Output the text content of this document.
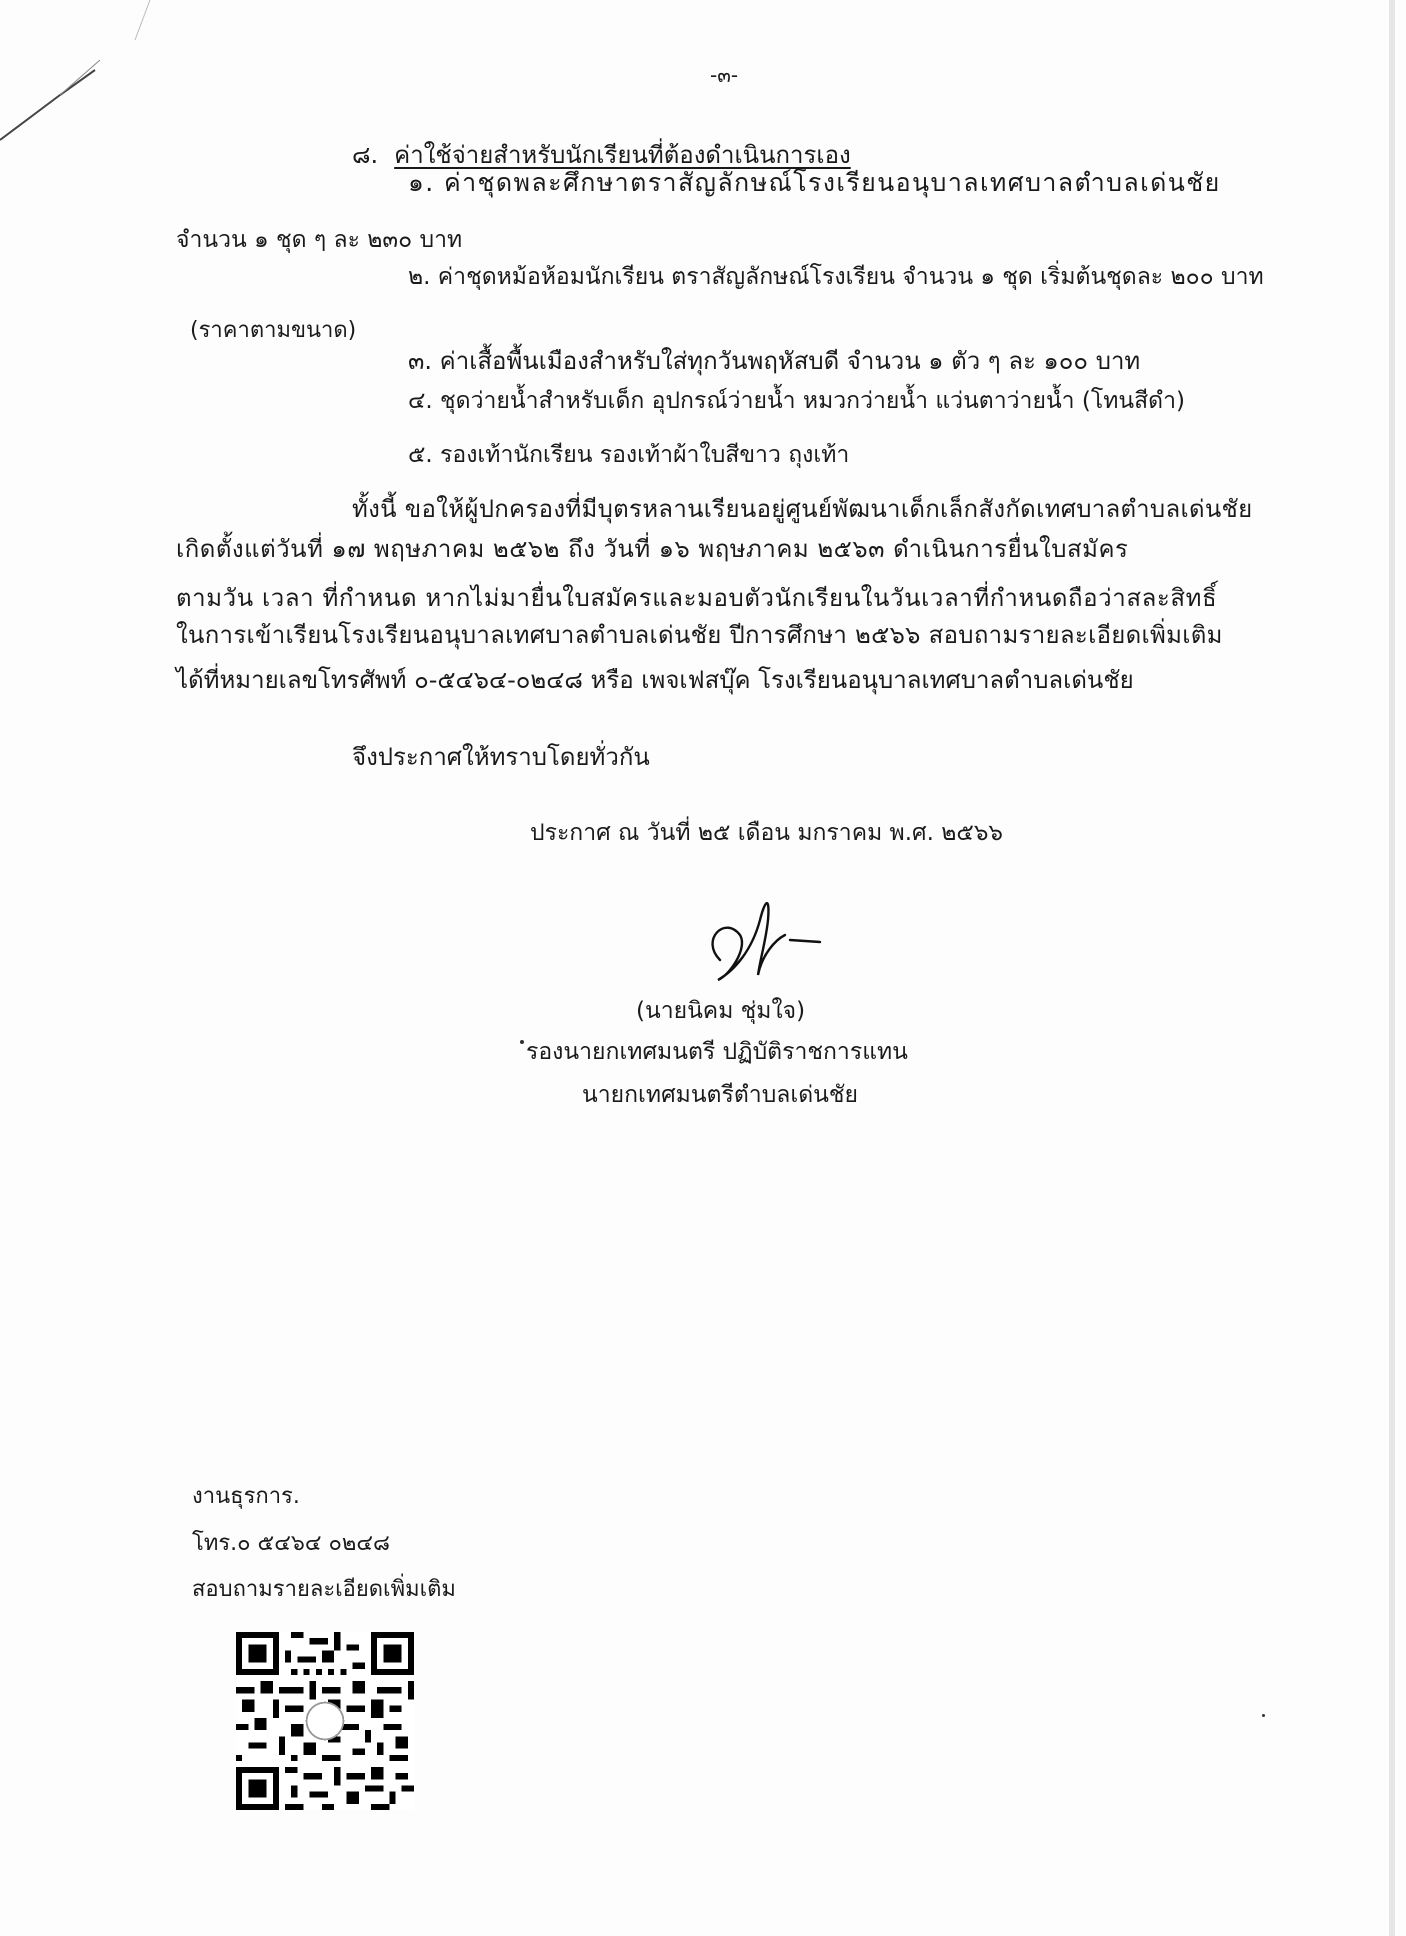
-๓-
๘. ค่าใช้จ่ายสำหรับนักเรียนที่ต้องดำเนินการเอง
๑. ค่าชุดพละศึกษาตราสัญลักษณ์โรงเรียนอนุบาลเทศบาลตำบลเด่นชัย
จำนวน ๑ ชุด ๆ ละ ๒๓๐ บาท
๒. ค่าชุดหม้อห้อมนักเรียน ตราสัญลักษณ์โรงเรียน จำนวน ๑ ชุด เริ่มต้นชุดละ ๒๐๐ บาท
(ราคาตามขนาด)
๓. ค่าเสื้อพื้นเมืองสำหรับใส่ทุกวันพฤหัสบดี จำนวน ๑ ตัว ๆ ละ ๑๐๐ บาท
๔. ชุดว่ายน้ำสำหรับเด็ก อุปกรณ์ว่ายน้ำ หมวกว่ายน้ำ แว่นตาว่ายน้ำ (โทนสีดำ)
๕. รองเท้านักเรียน รองเท้าผ้าใบสีขาว ถุงเท้า
ทั้งนี้ ขอให้ผู้ปกครองที่มีบุตรหลานเรียนอยู่ศูนย์พัฒนาเด็กเล็กสังกัดเทศบาลตำบลเด่นชัย
เกิดตั้งแต่วันที่ ๑๗ พฤษภาคม ๒๕๖๒ ถึง วันที่ ๑๖ พฤษภาคม ๒๕๖๓ ดำเนินการยื่นใบสมัคร
ตามวัน เวลา ที่กำหนด หากไม่มายื่นใบสมัครและมอบตัวนักเรียนในวันเวลาที่กำหนดถือว่าสละสิทธิ์
ในการเข้าเรียนโรงเรียนอนุบาลเทศบาลตำบลเด่นชัย ปีการศึกษา ๒๕๖๖ สอบถามรายละเอียดเพิ่มเติม
ได้ที่หมายเลขโทรศัพท์ ๐-๕๔๖๔-๐๒๔๘ หรือ เพจเฟสบุ๊ค โรงเรียนอนุบาลเทศบาลตำบลเด่นชัย
จึงประกาศให้ทราบโดยทั่วกัน
ประกาศ ณ วันที่ ๒๕ เดือน มกราคม พ.ศ. ๒๕๖๖
(นายนิคม ชุ่มใจ)
รองนายกเทศมนตรี ปฏิบัติราชการแทน
นายกเทศมนตรีตำบลเด่นชัย
งานธุรการ.
โทร.๐ ๕๔๖๔ ๐๒๔๘
สอบถามรายละเอียดเพิ่มเติม
